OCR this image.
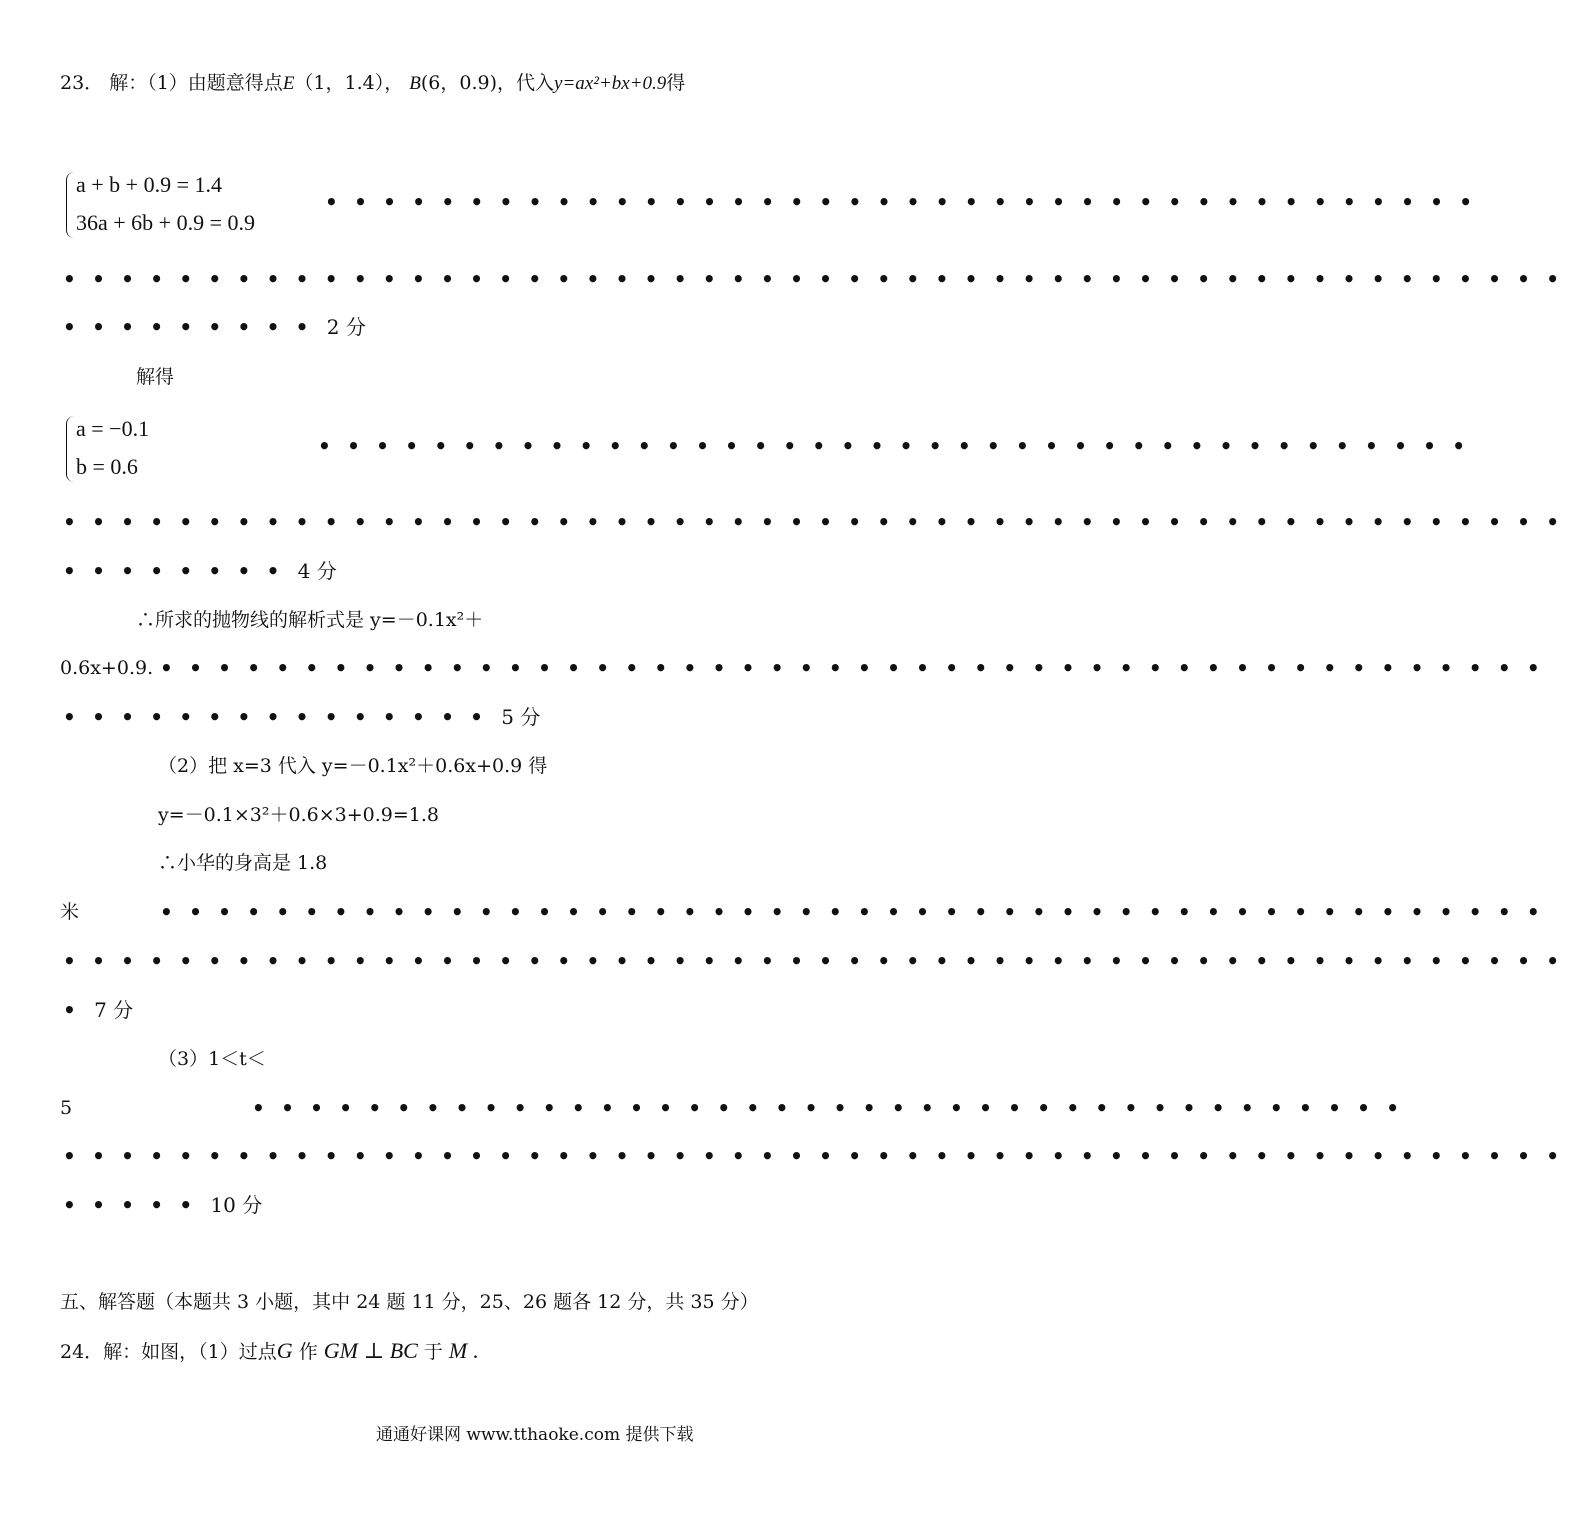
23． 解：（1）由题意得点E（1，1.4）， B(6，0.9)，代入y=ax²+bx+0.9得
a + b + 0.9 = 1.4
36a + 6b + 0.9 = 0.9
••••••••••••••••••••••••••••••••••••••••
••••••••••••••••••••••••••••••••••••••••••••••••••••
••••••••• 2 分
解得
a = −0.1
b = 0.6
••••••••••••••••••••••••••••••••••••••••
••••••••••••••••••••••••••••••••••••••••••••••••••••
•••••••• 4 分
∴所求的抛物线的解析式是 y=－0.1x²＋
0.6x+0.9. ••••••••••••••••••••••••••••••••••••••••••••••••
••••••••••••••• 5 分
（2）把 x=3 代入 y=－0.1x²＋0.6x+0.9 得
y=－0.1×3²＋0.6×3+0.9=1.8
∴小华的身高是 1.8
米	••••••••••••••••••••••••••••••••••••••••••••••••
••••••••••••••••••••••••••••••••••••••••••••••••••••
• 7 分
（3）1＜t＜
5	••••••••••••••••••••••••••••••••••••••••
••••••••••••••••••••••••••••••••••••••••••••••••••••
••••• 10 分
五、解答题（本题共 3 小题，其中 24 题 11 分，25、26 题各 12 分，共 35 分）
24．解：如图，（1）过点G 作 GM ⊥ BC 于 M .
通通好课网 www.tthaoke.com 提供下载
